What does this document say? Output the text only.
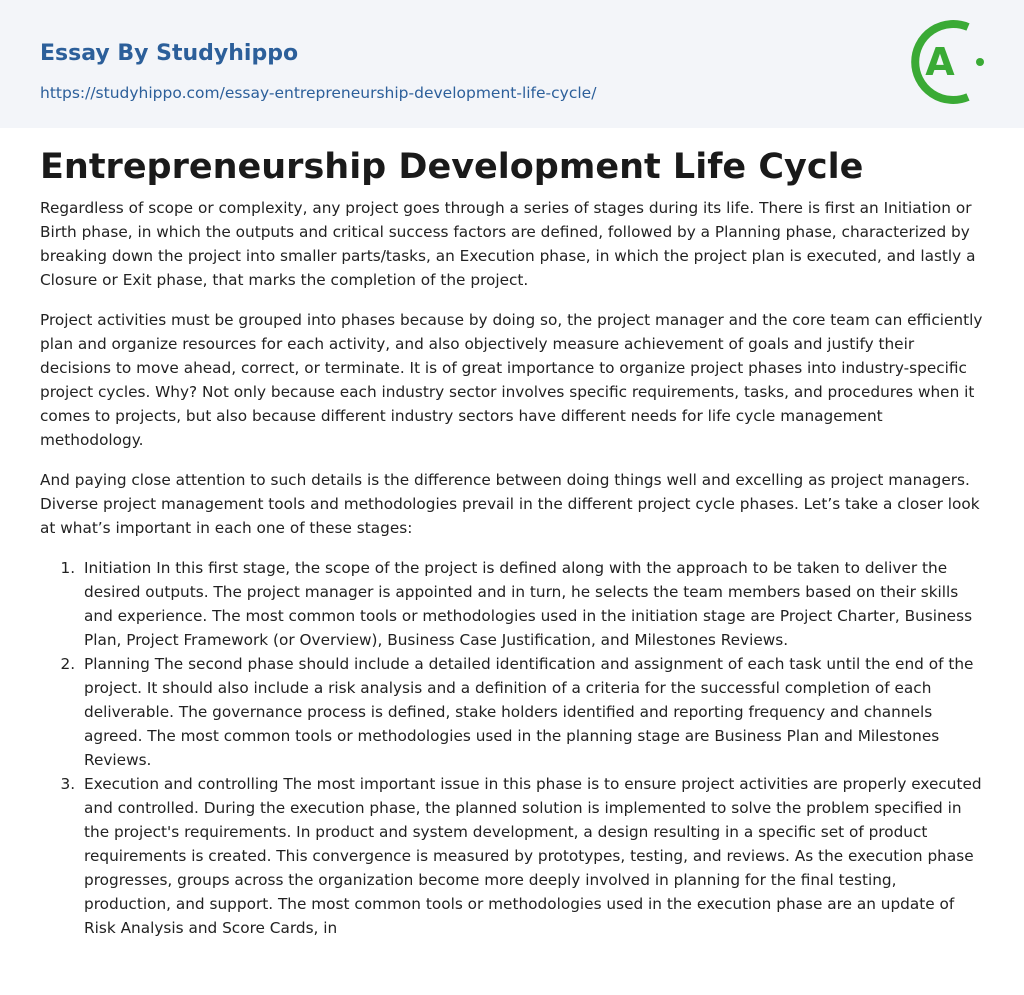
Essay By Studyhippo
https://studyhippo.com/essay-entrepreneurship-development-life-cycle/
A
Entrepreneurship Development Life Cycle

Regardless of scope or complexity, any project goes through a series of stages during its life. There is first an Initiation or Birth phase, in which the outputs and critical success factors are defined, followed by a Planning phase, characterized by breaking down the project into smaller parts/tasks, an Execution phase, in which the project plan is executed, and lastly a Closure or Exit phase, that marks the completion of the project.

Project activities must be grouped into phases because by doing so, the project manager and the core team can efficiently plan and organize resources for each activity, and also objectively measure achievement of goals and justify their decisions to move ahead, correct, or terminate. It is of great importance to organize project phases into industry-specific project cycles. Why? Not only because each industry sector involves specific requirements, tasks, and procedures when it comes to projects, but also because different industry sectors have different needs for life cycle management methodology.

And paying close attention to such details is the difference between doing things well and excelling as project managers. Diverse project management tools and methodologies prevail in the different project cycle phases. Let’s take a closer look at what’s important in each one of these stages:

1. Initiation In this first stage, the scope of the project is defined along with the approach to be taken to deliver the desired outputs. The project manager is appointed and in turn, he selects the team members based on their skills and experience. The most common tools or methodologies used in the initiation stage are Project Charter, Business Plan, Project Framework (or Overview), Business Case Justification, and Milestones Reviews.
2. Planning The second phase should include a detailed identification and assignment of each task until the end of the project. It should also include a risk analysis and a definition of a criteria for the successful completion of each deliverable. The governance process is defined, stake holders identified and reporting frequency and channels agreed. The most common tools or methodologies used in the planning stage are Business Plan and Milestones Reviews.
3. Execution and controlling The most important issue in this phase is to ensure project activities are properly executed and controlled. During the execution phase, the planned solution is implemented to solve the problem specified in the project's requirements. In product and system development, a design resulting in a specific set of product requirements is created. This convergence is measured by prototypes, testing, and reviews. As the execution phase progresses, groups across the organization become more deeply involved in planning for the final testing, production, and support. The most common tools or methodologies used in the execution phase are an update of Risk Analysis and Score Cards, in
